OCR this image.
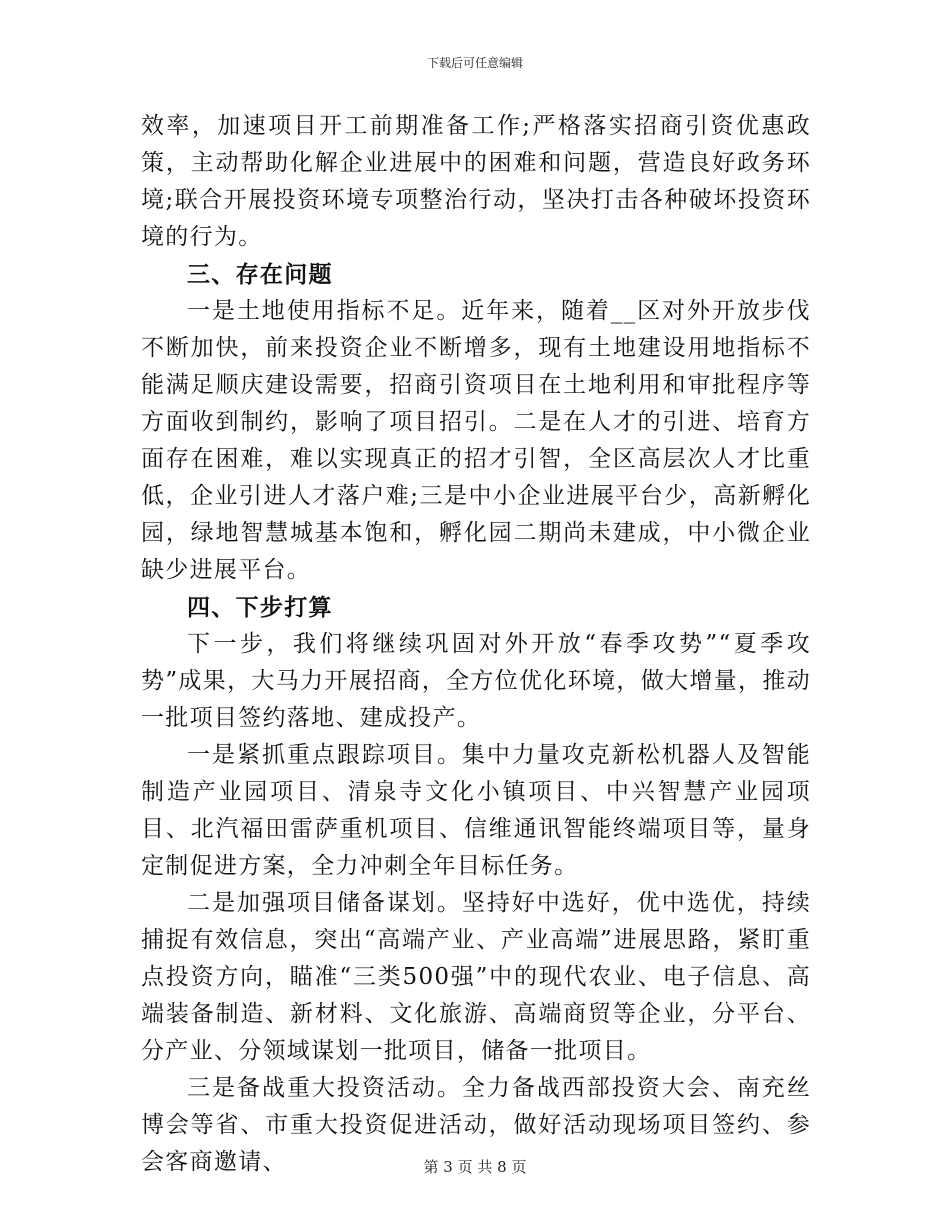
下载后可任意编辑

效率，加速项目开工前期准备工作;严格落实招商引资优惠政策，主动帮助化解企业进展中的困难和问题，营造良好政务环境;联合开展投资环境专项整治行动，坚决打击各种破坏投资环境的行为。

三、存在问题

一是土地使用指标不足。近年来，随着__区对外开放步伐不断加快，前来投资企业不断增多，现有土地建设用地指标不能满足顺庆建设需要，招商引资项目在土地利用和审批程序等方面收到制约，影响了项目招引。二是在人才的引进、培育方面存在困难，难以实现真正的招才引智，全区高层次人才比重低，企业引进人才落户难;三是中小企业进展平台少，高新孵化园，绿地智慧城基本饱和，孵化园二期尚未建成，中小微企业缺少进展平台。

四、下步打算

下一步，我们将继续巩固对外开放“春季攻势”“夏季攻势”成果，大马力开展招商，全方位优化环境，做大增量，推动一批项目签约落地、建成投产。

一是紧抓重点跟踪项目。集中力量攻克新松机器人及智能制造产业园项目、清泉寺文化小镇项目、中兴智慧产业园项目、北汽福田雷萨重机项目、信维通讯智能终端项目等，量身定制促进方案，全力冲刺全年目标任务。

二是加强项目储备谋划。坚持好中选好，优中选优，持续捕捉有效信息，突出“高端产业、产业高端”进展思路，紧盯重点投资方向，瞄准“三类500强”中的现代农业、电子信息、高端装备制造、新材料、文化旅游、高端商贸等企业，分平台、分产业、分领域谋划一批项目，储备一批项目。

三是备战重大投资活动。全力备战西部投资大会、南充丝博会等省、市重大投资促进活动，做好活动现场项目签约、参会客商邀请、	第 3 页 共 8 页
